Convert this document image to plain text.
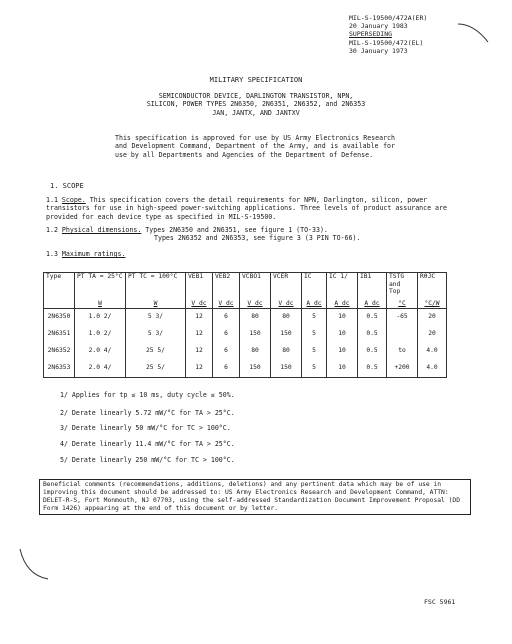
MIL-S-19500/472A(ER)
20 January 1983
SUPERSEDING
MIL-S-19500/472(EL)
30 January 1973
MILITARY SPECIFICATION
SEMICONDUCTOR DEVICE, DARLINGTON TRANSISTOR, NPN,
SILICON, POWER TYPES 2N6350, 2N6351, 2N6352, and 2N6353
JAN, JANTX, AND JANTXV
This specification is approved for use by US Army Electronics Research and Development Command, Department of the Army, and is available for use by all Departments and Agencies of the Department of Defense.
1. SCOPE
1.1 Scope. This specification covers the detail requirements for NPN, Darlington, silicon, power transistors for use in high-speed power-switching applications. Three levels of product assurance are provided for each device type as specified in MIL-S-19500.
1.2 Physical dimensions. Types 2N6350 and 2N6351, see figure 1 (TO-33).
Types 2N6352 and 2N6353, see figure 3 (3 PIN TO-66).
1.3 Maximum ratings.
Type	PT TA = 25°C	PT TC = 100°C	VEB1	VEB2	VCBO1	VCER	IC	IC 1/	IB1	TSTG and Top	RθJC
	W	W	V dc	V dc	V dc	V dc	A dc	A dc	A dc	°C	°C/W
2N6350	1.0 2/	5 3/	12	6	80	80	5	10	0.5	-65	20
2N6351	1.0 2/	5 3/	12	6	150	150	5	10	0.5		20
2N6352	2.0 4/	25 5/	12	6	80	80	5	10	0.5	to	4.0
2N6353	2.0 4/	25 5/	12	6	150	150	5	10	0.5	+200	4.0
1/ Applies for tp ≤ 10 ms, duty cycle ≤ 50%.
2/ Derate linearly 5.72 mW/°C for TA > 25°C.
3/ Derate linearly 50 mW/°C for TC > 100°C.
4/ Derate linearly 11.4 mW/°C for TA > 25°C.
5/ Derate linearly 250 mW/°C for TC > 100°C.
Beneficial comments (recommendations, additions, deletions) and any pertinent data which may be of use in improving this document should be addressed to: US Army Electronics Research and Development Command, ATTN: DELET-R-S, Fort Monmouth, NJ 07703, using the self-addressed Standardization Document Improvement Proposal (DD Form 1426) appearing at the end of this document or by letter.
FSC 5961
